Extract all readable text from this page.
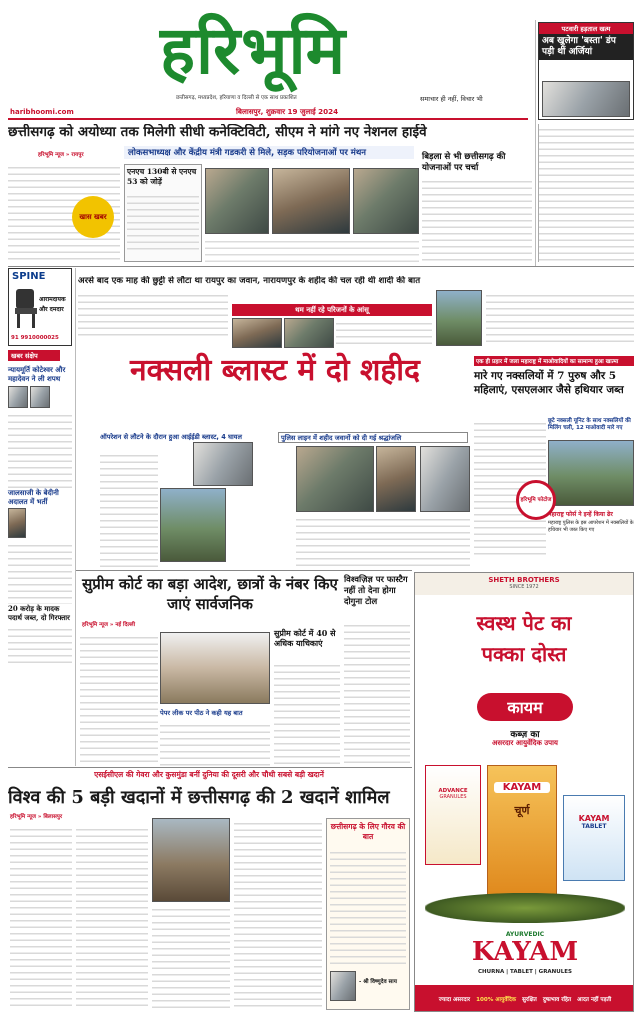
हरिभूमि
छत्तीसगढ़, मध्यप्रदेश, हरियाणा व दिल्ली से एक साथ प्रकाशित
haribhoomi.com	बिलासपुर, शुक्रवार 19 जुलाई 2024
समाचार ही नहीं, विचार भी
पटवारी हड़ताल खत्म
अब खुलेगा 'बस्ता' डंप पड़ी थीं अर्जियां
छत्तीसगढ़ को अयोध्या तक मिलेगी सीधी कनेक्टिविटी, सीएम ने मांगे नए नेशनल हाईवे
लोकसभाध्यक्ष और केंद्रीय मंत्री गडकरी से मिले, सड़क परियोजनाओं पर मंथन
हरिभूमि न्यूज » रायपुर
खास खबर
एनएच 130बी से एनएच 53 को जोड़ें
बिड़ला से भी छत्तीसगढ़ की योजनाओं पर चर्चा
SPINE
आरामदायक
और दमदार
91 9910000025
अरसे बाद एक माह की छुट्टी से लौटा था रायपुर का जवान, नारायणपुर के शहीद की चल रही थी शादी की बात
थम नहीं रहे परिजनों के आंसू
खबर संक्षेप
न्यायमूर्ति कोटेश्वर और महादेवन ने ली शपथ
जालसाजी के बेदीनी अदालत में भर्ती
20 करोड़ के मादक पदार्थ जब्त, दो गिरफ्तार
नक्सली ब्लास्ट में दो शहीद
ऑपरेशन से लौटने के दौरान हुआ आईईडी ब्लास्ट, 4 घायल	पुलिस लाइन में शहीद जवानों को दी गई श्रद्धांजलि
एक ही प्रहार में जला महाराष्ट्र में माओवादियों का सामान्य हुआ खात्मा
मारे गए नक्सलियों में 7 पुरुष और 5 महिलाएं, एसएलआर जैसे हथियार जब्त
छूटे नक्सली यूनिट के साथ नक्सलियों की मिलिंग चली, 12 माओवादी मारे गए
हरिभूमि फोटोज
महाराष्ट्र फोर्स ने इन्हें किया ढेर
महाराष्ट्र पुलिस के इस आपरेशन में नक्सलियों के हथियार भी जब्त किए गए
सुप्रीम कोर्ट का बड़ा आदेश, छात्रों के नंबर किए जाएं सार्वजनिक
हरिभूमि न्यूज » नई दिल्ली
सुप्रीम कोर्ट में 40 से अधिक याचिकाएं
पेपर लीक पर पीठ ने कही यह बात
विश्वज़िज्ञ पर फास्टैग नहीं तो देना होगा दोगुना टोल
SHETH BROTHERS
SINCE 1972
स्वस्थ पेट का
पक्का दोस्त
कायम
कब्ज़ का
असरदार आयुर्वेदिक उपाय
ADVANCE
GRANULES
KAYAM
चूर्ण
KAYAM
TABLET
AYURVEDIC
KAYAM
CHURNA | TABLET | GRANULES
ज्यादा असरदार 100% आयुर्वेदिक सुरक्षित दुष्प्रभाव रहित आदत नहीं पड़ती
एसईसीएल की गेवरा और कुसमुंडा बनीं दुनिया की दूसरी और चौथी सबसे बड़ी खदानें
विश्व की 5 बड़ी खदानों में छत्तीसगढ़ की 2 खदानें शामिल
हरिभूमि न्यूज » बिलासपुर
छत्तीसगढ़ के लिए गौरव की बात
- श्री विष्णुदेव साय
